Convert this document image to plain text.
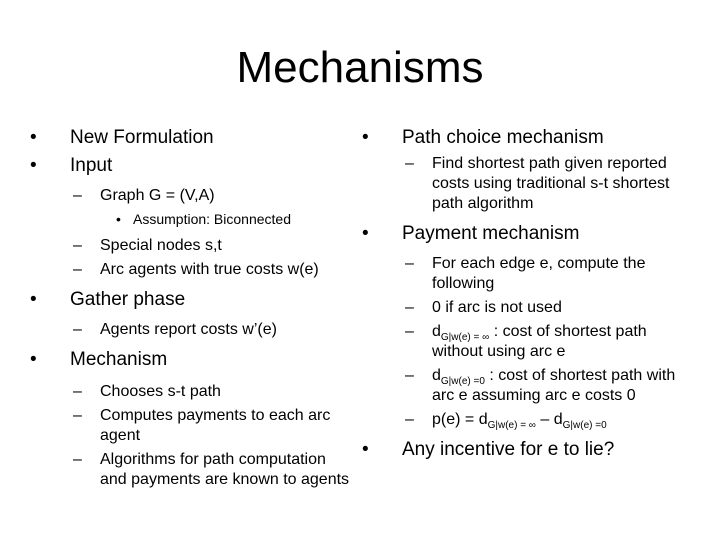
Mechanisms
•	New Formulation
•	Input
– Graph G = (V,A)
• Assumption: Biconnected
– Special nodes s,t
– Arc agents with true costs w(e)
•	Gather phase
– Agents report costs w’(e)
•	Mechanism
– Chooses s-t path
– Computes payments to each arc agent
– Algorithms for path computation and payments are known to agents
•	Path choice mechanism
– Find shortest path given reported costs using traditional s-t shortest path algorithm
•	Payment mechanism
– For each edge e, compute the following
– 0 if arc is not used
– $d_{G|w(e) = \infty}$ : cost of shortest path without using arc e
– $d_{G|w(e) =0}$ : cost of shortest path with arc e assuming arc e costs 0
– $p(e) = d_{G|w(e) = \infty} - d_{G|w(e) =0}$
•	Any incentive for e to lie?
